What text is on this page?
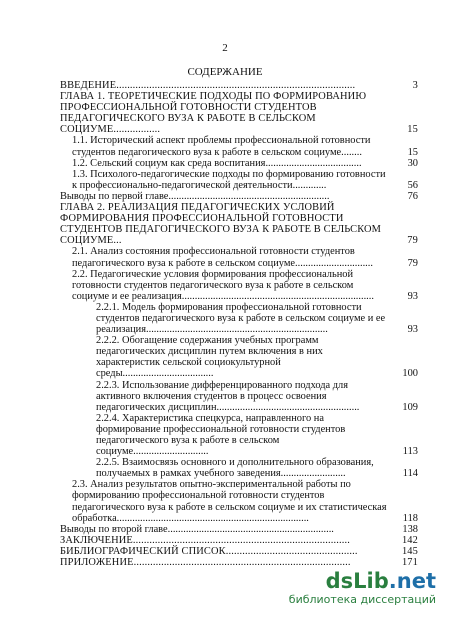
2
СОДЕРЖАНИЕ
ВВЕДЕНИЕ.......................................................................................	3
ГЛАВА 1. ТЕОРЕТИЧЕСКИЕ ПОДХОДЫ ПО ФОРМИРОВАНИЮ ПРОФЕССИОНАЛЬНОЙ ГОТОВНОСТИ СТУДЕНТОВ ПЕДАГОГИЧЕСКОГО ВУЗА К РАБОТЕ В СЕЛЬСКОМ СОЦИУМЕ.................	15
1.1. Исторический аспект проблемы профессиональной готовности студентов педагогического вуза к работе в сельском социуме........	15
1.2. Сельский социум как среда воспитания.....................................	30
1.3. Психолого-педагогические подходы по формированию готовности к профессионально-педагогической деятельности.............	56
Выводы по первой главе..............................................................	76
ГЛАВА 2. РЕАЛИЗАЦИЯ ПЕДАГОГИЧЕСКИХ УСЛОВИЙ ФОРМИРОВАНИЯ ПРОФЕССИОНАЛЬНОЙ ГОТОВНОСТИ СТУДЕНТОВ ПЕДАГОГИЧЕСКОГО ВУЗА К РАБОТЕ В СЕЛЬСКОМ СОЦИУМЕ...	79
2.1. Анализ состояния профессиональной готовности студентов педагогического вуза к работе в сельском социуме..............................	79
2.2. Педагогические условия формирования профессиональной готовности студентов педагогического вуза к работе в сельском социуме и ее реализация..........................................................................	93
2.2.1. Модель формирования профессиональной готовности студентов педагогического вуза к работе в сельском социуме и ее реализация......................................................................	93
2.2.2. Обогащение содержания учебных программ педагогических дисциплин путем включения в них характеристик сельской социокультурной среды...................................	100
2.2.3. Использование дифференцированного подхода для активного включения студентов в процесс освоения педагогических дисциплин.......................................................	109
2.2.4. Характеристика спецкурса, направленного на формирование профессиональной готовности студентов педагогического вуза к работе в сельском социуме.............................	113
2.2.5. Взаимосвязь основного и дополнительного образования, получаемых в рамках учебного заведения.........................	114
2.3. Анализ результатов опытно-экспериментальной работы по формированию профессиональной готовности студентов педагогического вуза к работе в сельском социуме и их статистическая обработка..........................................................................	118
Выводы по второй главе................................................................	138
ЗАКЛЮЧЕНИЕ...............................................................................	142
БИБЛИОГРАФИЧЕСКИЙ СПИСОК................................................	145
ПРИЛОЖЕНИЕ...............................................................................	171
dsLib.net
библиотека диссертаций
